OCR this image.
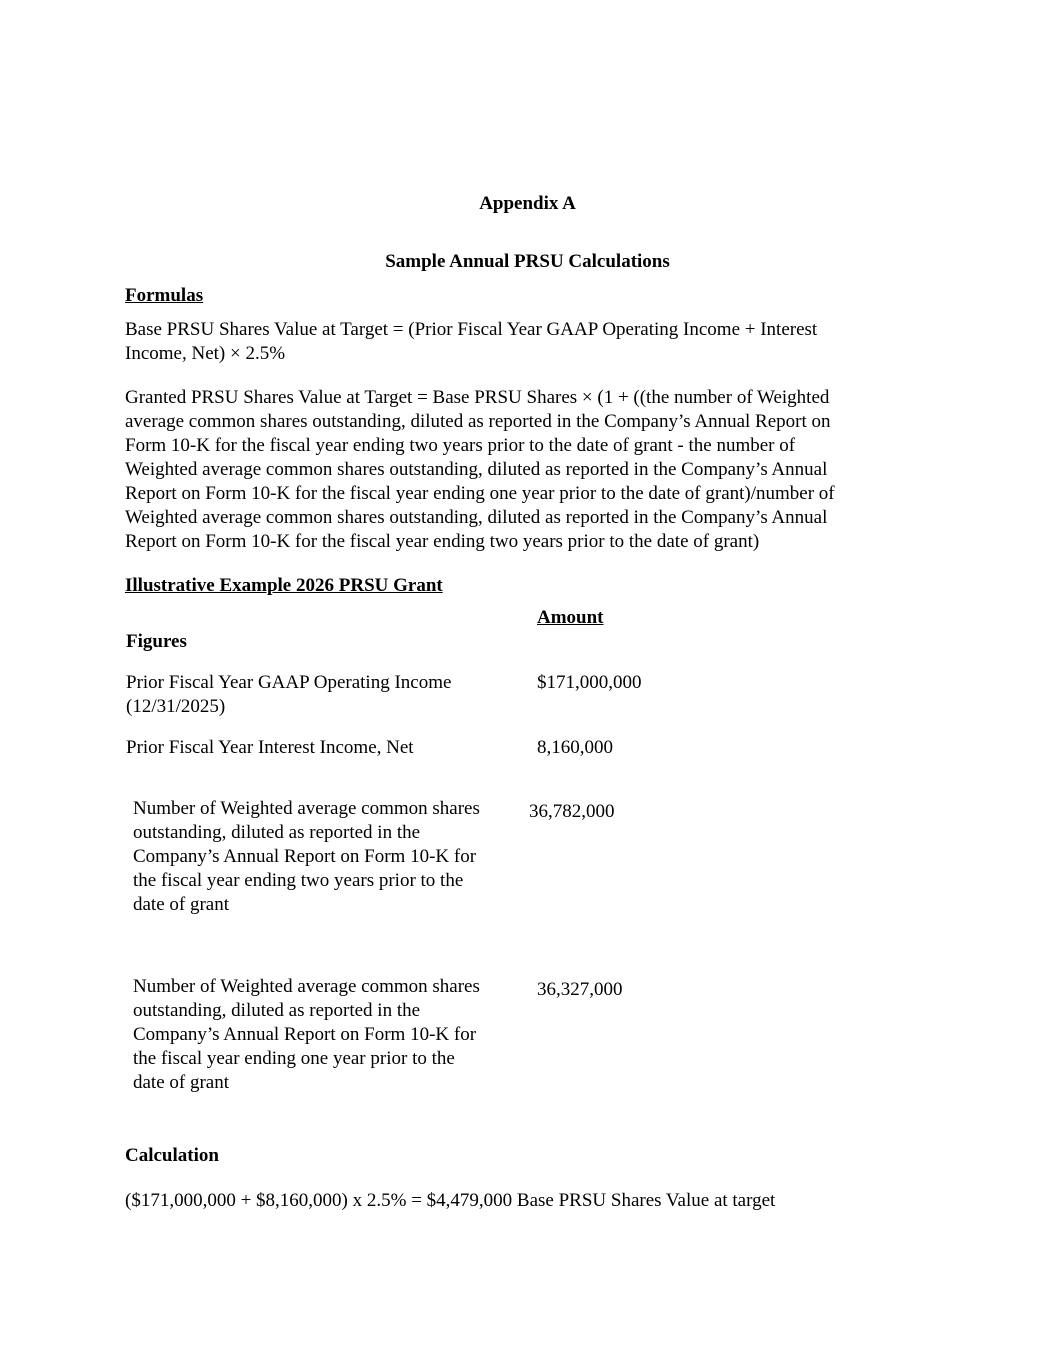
Appendix A
Sample Annual PRSU Calculations
Formulas
Base PRSU Shares Value at Target = (Prior Fiscal Year GAAP Operating Income + Interest
Income, Net) × 2.5%
Granted PRSU Shares Value at Target = Base PRSU Shares × (1 + ((the number of Weighted
average common shares outstanding, diluted as reported in the Company’s Annual Report on
Form 10-K for the fiscal year ending two years prior to the date of grant - the number of
Weighted average common shares outstanding, diluted as reported in the Company’s Annual
Report on Form 10-K for the fiscal year ending one year prior to the date of grant)/number of
Weighted average common shares outstanding, diluted as reported in the Company’s Annual
Report on Form 10-K for the fiscal year ending two years prior to the date of grant)
Illustrative Example 2026 PRSU Grant
Amount
Figures
Prior Fiscal Year GAAP Operating Income
(12/31/2025)
$171,000,000
Prior Fiscal Year Interest Income, Net	8,160,000
Number of Weighted average common shares
outstanding, diluted as reported in the
Company’s Annual Report on Form 10-K for
the fiscal year ending two years prior to the
date of grant
36,782,000
Number of Weighted average common shares
outstanding, diluted as reported in the
Company’s Annual Report on Form 10-K for
the fiscal year ending one year prior to the
date of grant
36,327,000
Calculation
($171,000,000 + $8,160,000) x 2.5% = $4,479,000 Base PRSU Shares Value at target
